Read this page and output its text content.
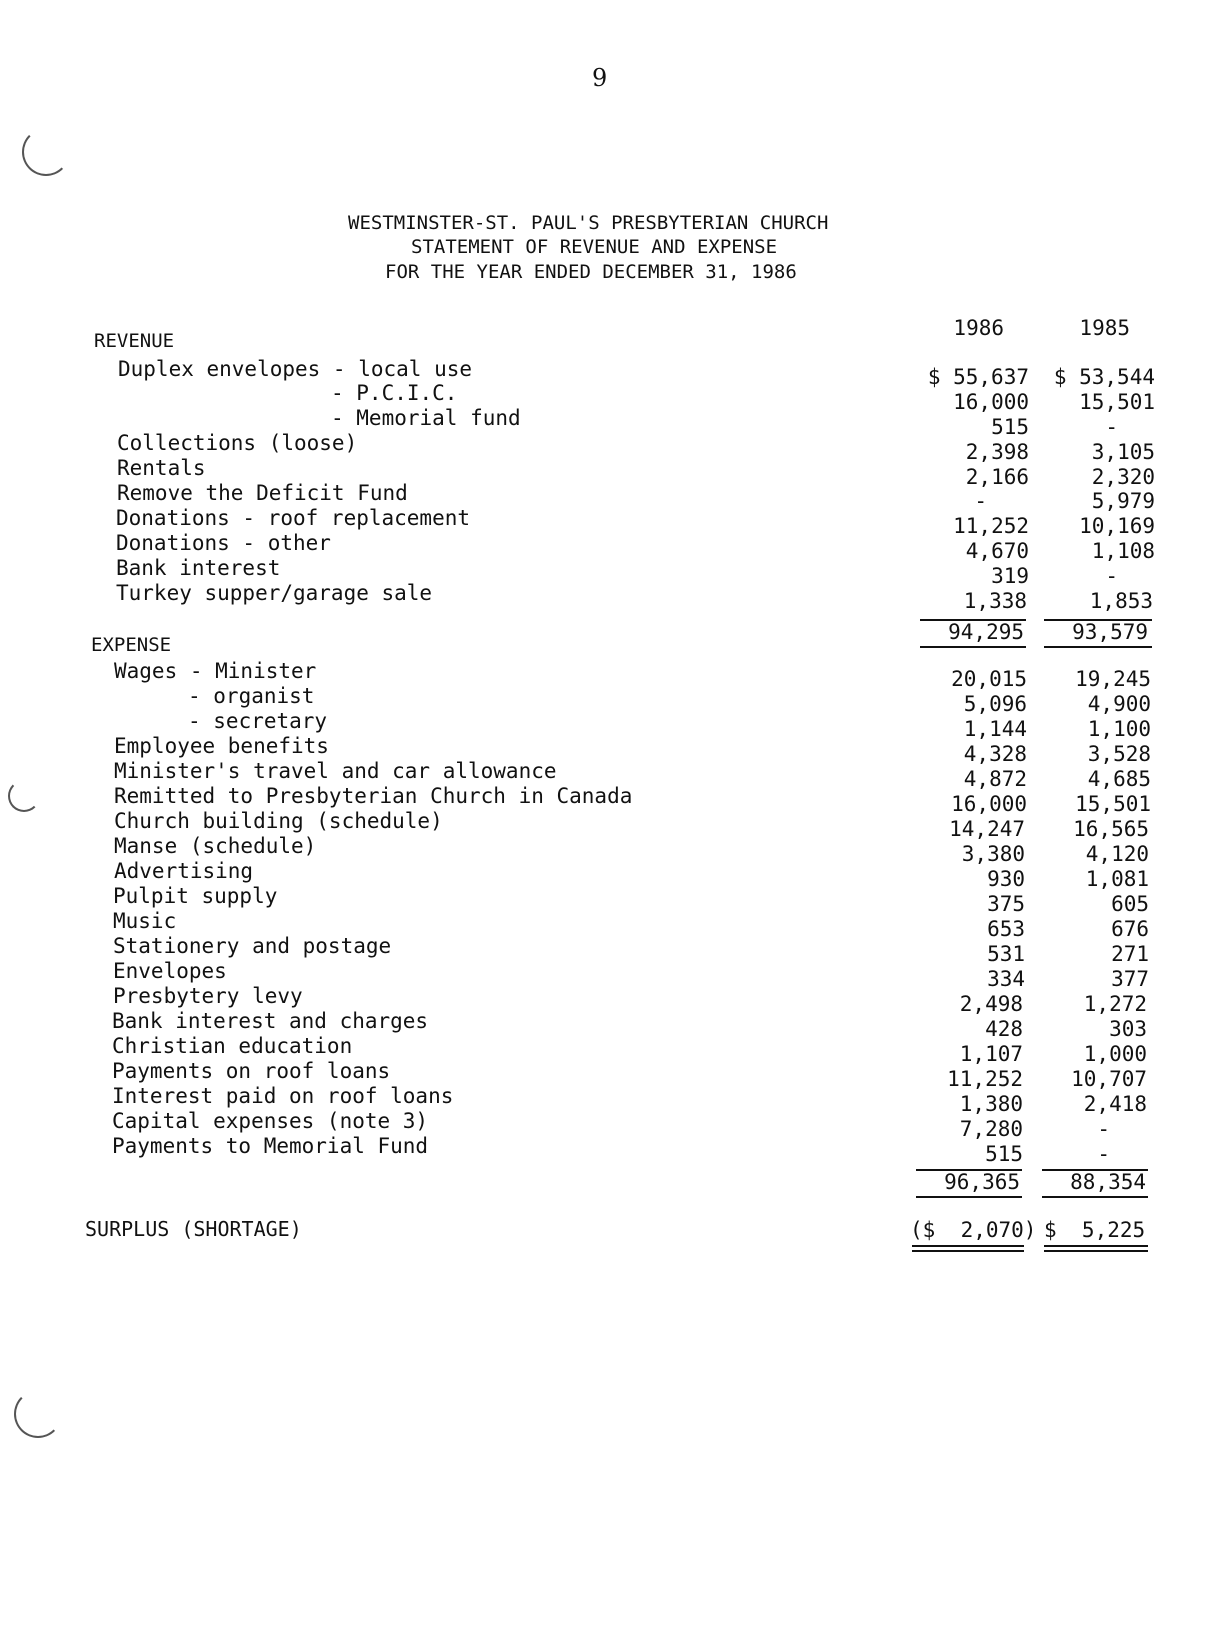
9
WESTMINSTER-ST. PAUL'S PRESBYTERIAN CHURCH
STATEMENT OF REVENUE AND EXPENSE
FOR THE YEAR ENDED DECEMBER 31, 1986
1986	1985
REVENUE
EXPENSE
Duplex envelopes - local use	$ 55,637	$ 53,544
- P.C.I.C.	16,000	15,501
- Memorial fund	515	-
Collections (loose)	2,398	3,105
Rentals	2,166	2,320
Remove the Deficit Fund	-	5,979
Donations - roof replacement	11,252	10,169
Donations - other	4,670	1,108
Bank interest	319	-
Turkey supper/garage sale	1,338	1,853
Wages - Minister	20,015	19,245
- organist	5,096	4,900
- secretary	1,144	1,100
Employee benefits	4,328	3,528
Minister's travel and car allowance	4,872	4,685
Remitted to Presbyterian Church in Canada	16,000	15,501
Church building (schedule)	14,247	16,565
Manse (schedule)	3,380	4,120
Advertising	930	1,081
Pulpit supply	375	605
Music	653	676
Stationery and postage	531	271
Envelopes	334	377
Presbytery levy	2,498	1,272
Bank interest and charges	428	303
Christian education	1,107	1,000
Payments on roof loans	11,252	10,707
Interest paid on roof loans	1,380	2,418
Capital expenses (note 3)	7,280	-
Payments to Memorial Fund	515	-
94,295	93,579
96,365	88,354
SURPLUS (SHORTAGE)	($  2,070) $  5,225
